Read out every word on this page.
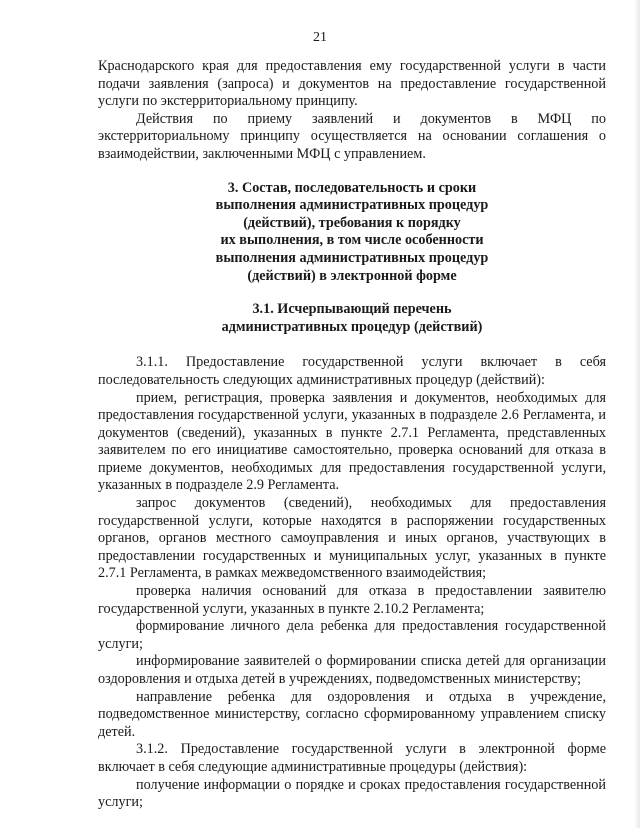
21

Краснодарского края для предоставления ему государственной услуги в части подачи заявления (запроса) и документов на предоставление государственной услуги по экстерриториальному принципу.

Действия по приему заявлений и документов в МФЦ по экстерриториальному принципу осуществляется на основании соглашения о взаимодействии, заключенными МФЦ с управлением.

3. Состав, последовательность и сроки
выполнения административных процедур
(действий), требования к порядку
их выполнения, в том числе особенности
выполнения административных процедур
(действий) в электронной форме
3.1. Исчерпывающий перечень
административных процедур (действий)

3.1.1. Предоставление государственной услуги включает в себя последовательность следующих административных процедур (действий):

прием, регистрация, проверка заявления и документов, необходимых для предоставления государственной услуги, указанных в подразделе 2.6 Регламента, и документов (сведений), указанных в пункте 2.7.1 Регламента, представленных заявителем по его инициативе самостоятельно, проверка оснований для отказа в приеме документов, необходимых для предоставления государственной услуги, указанных в подразделе 2.9 Регламента.

запрос документов (сведений), необходимых для предоставления государственной услуги, которые находятся в распоряжении государственных органов, органов местного самоуправления и иных органов, участвующих в предоставлении государственных и муниципальных услуг, указанных в пункте 2.7.1 Регламента, в рамках межведомственного взаимодействия;

проверка наличия оснований для отказа в предоставлении заявителю государственной услуги, указанных в пункте 2.10.2 Регламента;

формирование личного дела ребенка для предоставления государственной услуги;

информирование заявителей о формировании списка детей для организации оздоровления и отдыха детей в учреждениях, подведомственных министерству;

направление ребенка для оздоровления и отдыха в учреждение, подведомственное министерству, согласно сформированному управлением списку детей.

3.1.2. Предоставление государственной услуги в электронной форме включает в себя следующие административные процедуры (действия):

получение информации о порядке и сроках предоставления государственной услуги;
